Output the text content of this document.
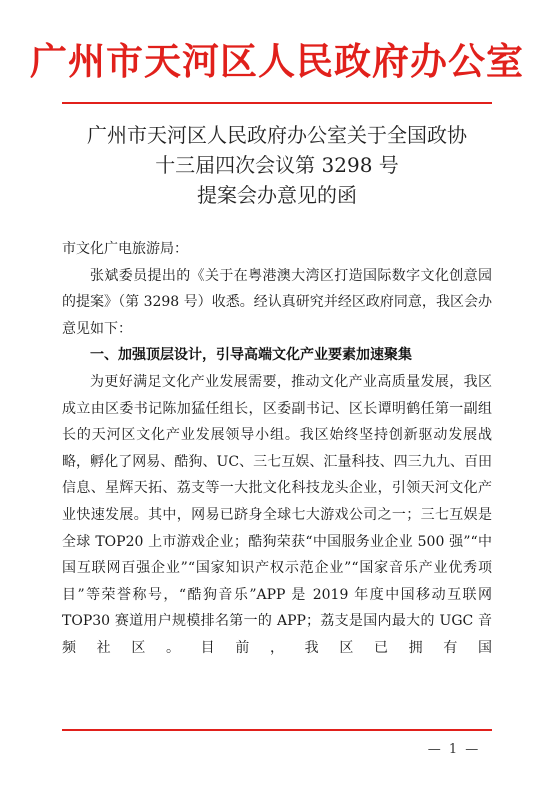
广州市天河区人民政府办公室
广州市天河区人民政府办公室关于全国政协
十三届四次会议第 3298 号
提案会办意见的函
市文化广电旅游局：

张斌委员提出的《关于在粤港澳大湾区打造国际数字文化创意园的提案》（第 3298 号）收悉。经认真研究并经区政府同意，我区会办意见如下：

一、加强顶层设计，引导高端文化产业要素加速聚集

为更好满足文化产业发展需要，推动文化产业高质量发展，我区成立由区委书记陈加猛任组长，区委副书记、区长谭明鹤任第一副组长的天河区文化产业发展领导小组。我区始终坚持创新驱动发展战略，孵化了网易、酷狗、UC、三七互娱、汇量科技、四三九九、百田信息、星辉天拓、荔支等一大批文化科技龙头企业，引领天河文化产业快速发展。其中，网易已跻身全球七大游戏公司之一；三七互娱是全球 TOP20 上市游戏企业；酷狗荣获“中国服务业企业 500 强”“中国互联网百强企业”“国家知识产权示范企业”“国家音乐产业优秀项目”等荣誉称号，“酷狗音乐”APP 是 2019 年度中国移动互联网 TOP30 赛道用户规模排名第一的 APP；荔支是国内最大的 UGC 音频社区。目前，我区已拥有国

— 1 —
